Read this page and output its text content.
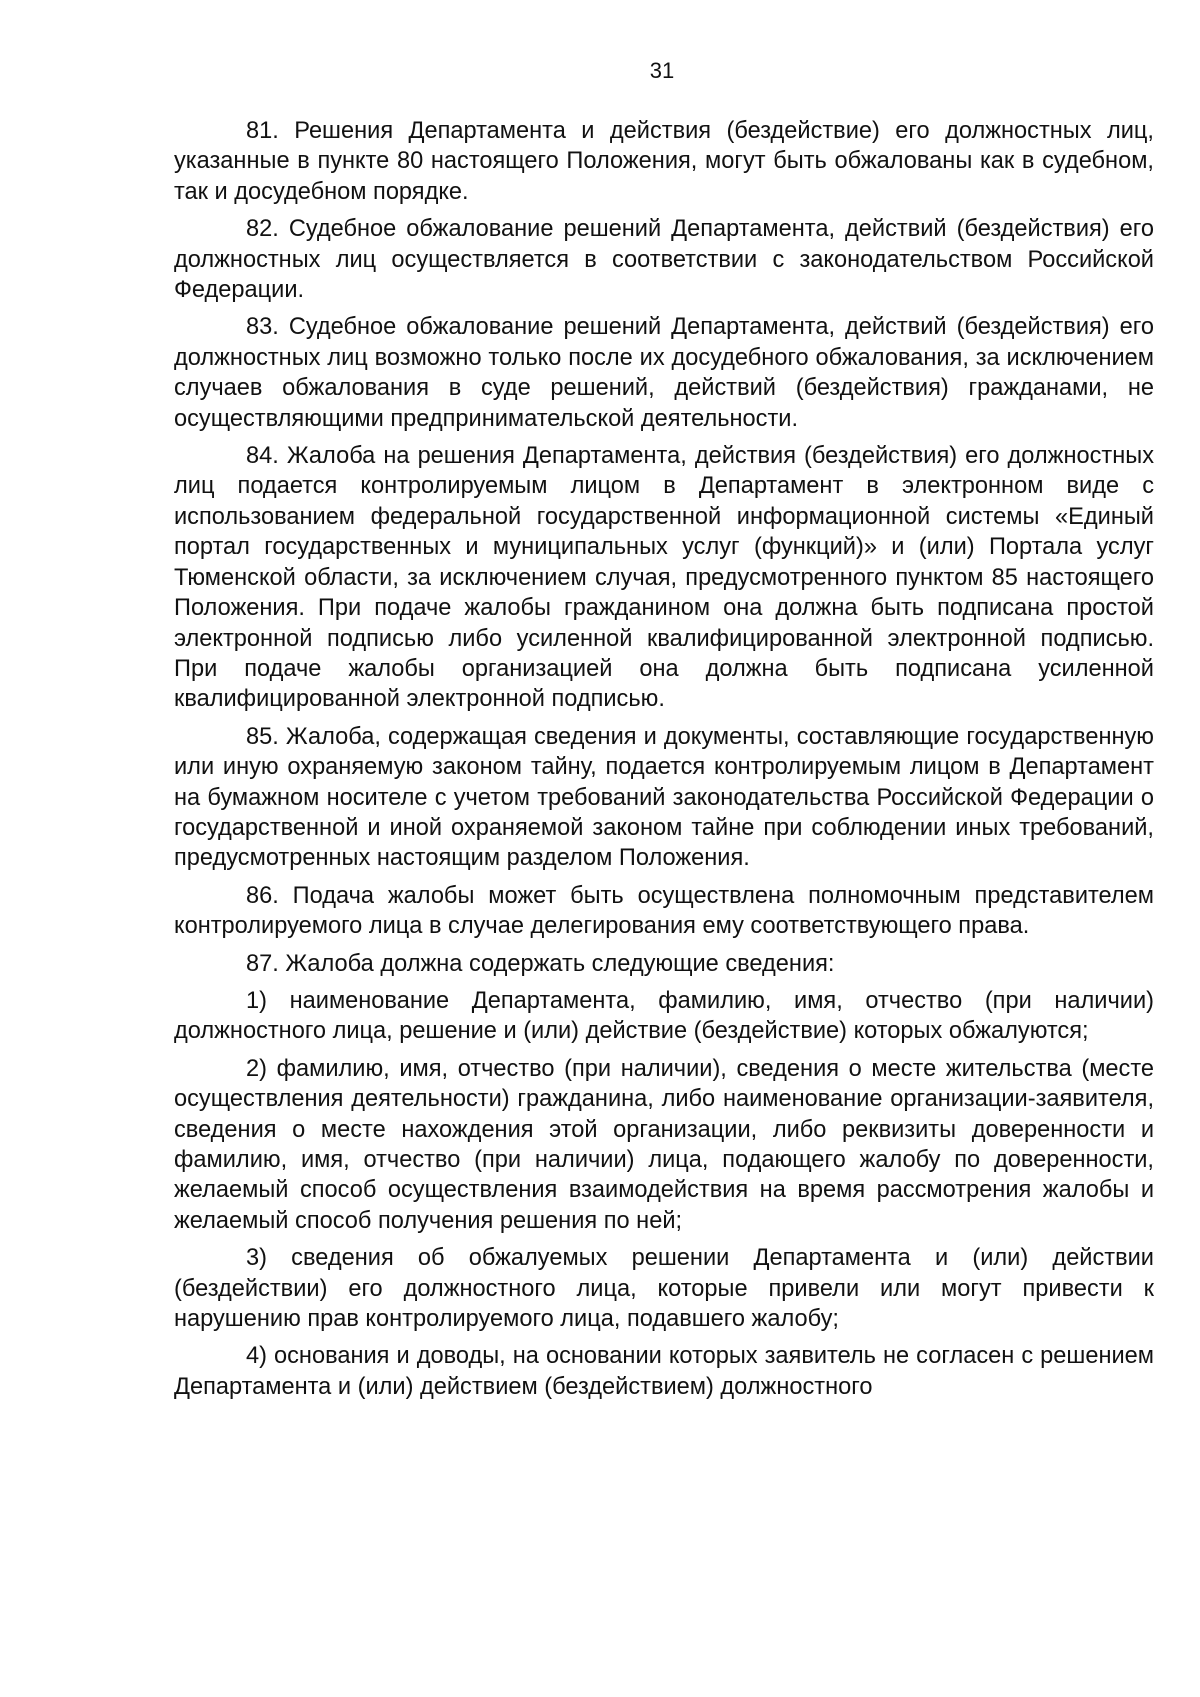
31

81. Решения Департамента и действия (бездействие) его должностных лиц, указанные в пункте 80 настоящего Положения, могут быть обжалованы как в судебном, так и досудебном порядке.

82. Судебное обжалование решений Департамента, действий (бездействия) его должностных лиц осуществляется в соответствии с законодательством Российской Федерации.

83. Судебное обжалование решений Департамента, действий (бездействия) его должностных лиц возможно только после их досудебного обжалования, за исключением случаев обжалования в суде решений, действий (бездействия) гражданами, не осуществляющими предпринимательской деятельности.

84. Жалоба на решения Департамента, действия (бездействия) его должностных лиц подается контролируемым лицом в Департамент в электронном виде с использованием федеральной государственной информационной системы «Единый портал государственных и муниципальных услуг (функций)» и (или) Портала услуг Тюменской области, за исключением случая, предусмотренного пунктом 85 настоящего Положения. При подаче жалобы гражданином она должна быть подписана простой электронной подписью либо усиленной квалифицированной электронной подписью. При подаче жалобы организацией она должна быть подписана усиленной квалифицированной электронной подписью.

85. Жалоба, содержащая сведения и документы, составляющие государственную или иную охраняемую законом тайну, подается контролируемым лицом в Департамент на бумажном носителе с учетом требований законодательства Российской Федерации о государственной и иной охраняемой законом тайне при соблюдении иных требований, предусмотренных настоящим разделом Положения.

86. Подача жалобы может быть осуществлена полномочным представителем контролируемого лица в случае делегирования ему соответствующего права.

87. Жалоба должна содержать следующие сведения:

1) наименование Департамента, фамилию, имя, отчество (при наличии) должностного лица, решение и (или) действие (бездействие) которых обжалуются;

2) фамилию, имя, отчество (при наличии), сведения о месте жительства (месте осуществления деятельности) гражданина, либо наименование организации-заявителя, сведения о месте нахождения этой организации, либо реквизиты доверенности и фамилию, имя, отчество (при наличии) лица, подающего жалобу по доверенности, желаемый способ осуществления взаимодействия на время рассмотрения жалобы и желаемый способ получения решения по ней;

3) сведения об обжалуемых решении Департамента и (или) действии (бездействии) его должностного лица, которые привели или могут привести к нарушению прав контролируемого лица, подавшего жалобу;

4) основания и доводы, на основании которых заявитель не согласен с решением Департамента и (или) действием (бездействием) должностного
